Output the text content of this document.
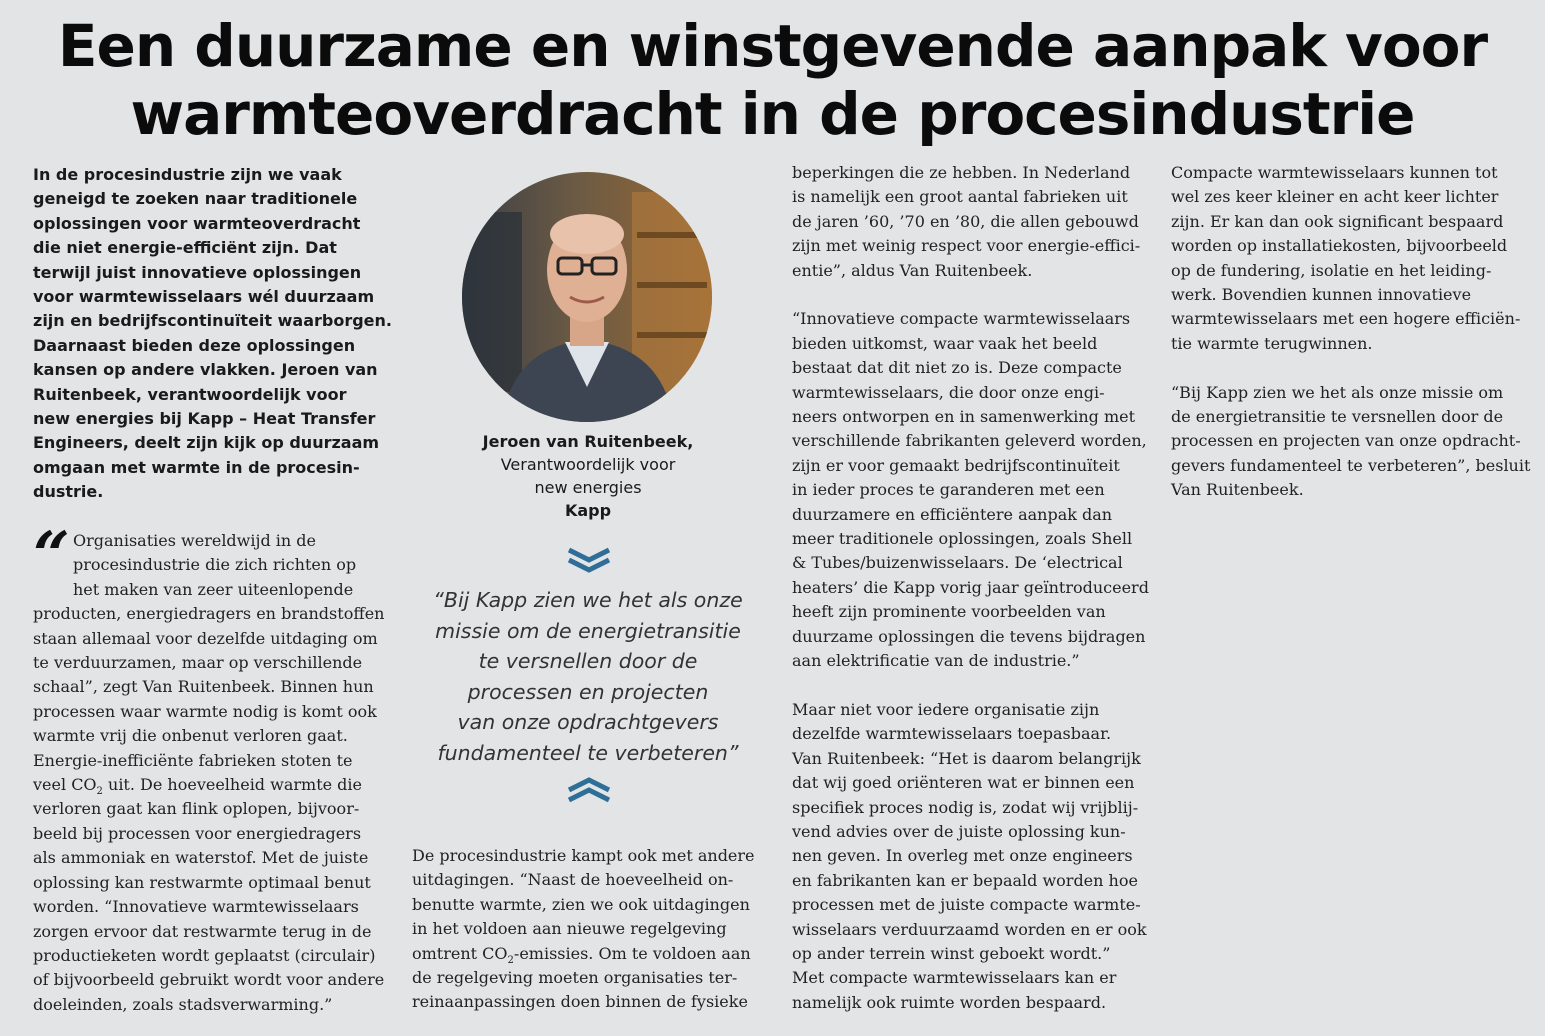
Een duurzame en winstgevende aanpak voor
warmteoverdracht in de procesindustrie
In de procesindustrie zijn we vaak
geneigd te zoeken naar traditionele
oplossingen voor warmteoverdracht
die niet energie-efficiënt zijn. Dat
terwijl juist innovatieve oplossingen
voor warmtewisselaars wél duurzaam
zijn en bedrijfscontinuïteit waarborgen.
Daarnaast bieden deze oplossingen
kansen op andere vlakken. Jeroen van
Ruitenbeek, verantwoordelijk voor
new energies bij Kapp – Heat Transfer
Engineers, deelt zijn kijk op duurzaam
omgaan met warmte in de procesin-
dustrie.
“ Organisaties wereldwijd in de
procesindustrie die zich richten op
het maken van zeer uiteenlopende
producten, energiedragers en brandstoffen
staan allemaal voor dezelfde uitdaging om
te verduurzamen, maar op verschillende
schaal”, zegt Van Ruitenbeek. Binnen hun
processen waar warmte nodig is komt ook
warmte vrij die onbenut verloren gaat.
Energie-inefficiënte fabrieken stoten te
veel $CO_2$ uit. De hoeveelheid warmte die
verloren gaat kan flink oplopen, bijvoor-
beeld bij processen voor energiedragers
als ammoniak en waterstof. Met de juiste
oplossing kan restwarmte optimaal benut
worden. “Innovatieve warmtewisselaars
zorgen ervoor dat restwarmte terug in de
productieketen wordt geplaatst (circulair)
of bijvoorbeeld gebruikt wordt voor andere
doeleinden, zoals stadsverwarming.”
Jeroen van Ruitenbeek,
Verantwoordelijk voor
new energies
Kapp
“Bij Kapp zien we het als onze
missie om de energietransitie
te versnellen door de
processen en projecten
van onze opdrachtgevers
fundamenteel te verbeteren”
De procesindustrie kampt ook met andere
uitdagingen. “Naast de hoeveelheid on-
benutte warmte, zien we ook uitdagingen
in het voldoen aan nieuwe regelgeving
omtrent $CO_2$-emissies. Om te voldoen aan
de regelgeving moeten organisaties ter-
reinaanpassingen doen binnen de fysieke
beperkingen die ze hebben. In Nederland
is namelijk een groot aantal fabrieken uit
de jaren ’60, ’70 en ’80, die allen gebouwd
zijn met weinig respect voor energie-effici-
entie”, aldus Van Ruitenbeek.
“Innovatieve compacte warmtewisselaars
bieden uitkomst, waar vaak het beeld
bestaat dat dit niet zo is. Deze compacte
warmtewisselaars, die door onze engi-
neers ontworpen en in samenwerking met
verschillende fabrikanten geleverd worden,
zijn er voor gemaakt bedrijfscontinuïteit
in ieder proces te garanderen met een
duurzamere en efficiëntere aanpak dan
meer traditionele oplossingen, zoals Shell
& Tubes/buizenwisselaars. De ‘electrical
heaters’ die Kapp vorig jaar geïntroduceerd
heeft zijn prominente voorbeelden van
duurzame oplossingen die tevens bijdragen
aan elektrificatie van de industrie.”
Maar niet voor iedere organisatie zijn
dezelfde warmtewisselaars toepasbaar.
Van Ruitenbeek: “Het is daarom belangrijk
dat wij goed oriënteren wat er binnen een
specifiek proces nodig is, zodat wij vrijblij-
vend advies over de juiste oplossing kun-
nen geven. In overleg met onze engineers
en fabrikanten kan er bepaald worden hoe
processen met de juiste compacte warmte-
wisselaars verduurzaamd worden en er ook
op ander terrein winst geboekt wordt.”
Met compacte warmtewisselaars kan er
namelijk ook ruimte worden bespaard.
Compacte warmtewisselaars kunnen tot
wel zes keer kleiner en acht keer lichter
zijn. Er kan dan ook significant bespaard
worden op installatiekosten, bijvoorbeeld
op de fundering, isolatie en het leiding-
werk. Bovendien kunnen innovatieve
warmtewisselaars met een hogere efficiën-
tie warmte terugwinnen.
“Bij Kapp zien we het als onze missie om
de energietransitie te versnellen door de
processen en projecten van onze opdracht-
gevers fundamenteel te verbeteren”, besluit
Van Ruitenbeek.
